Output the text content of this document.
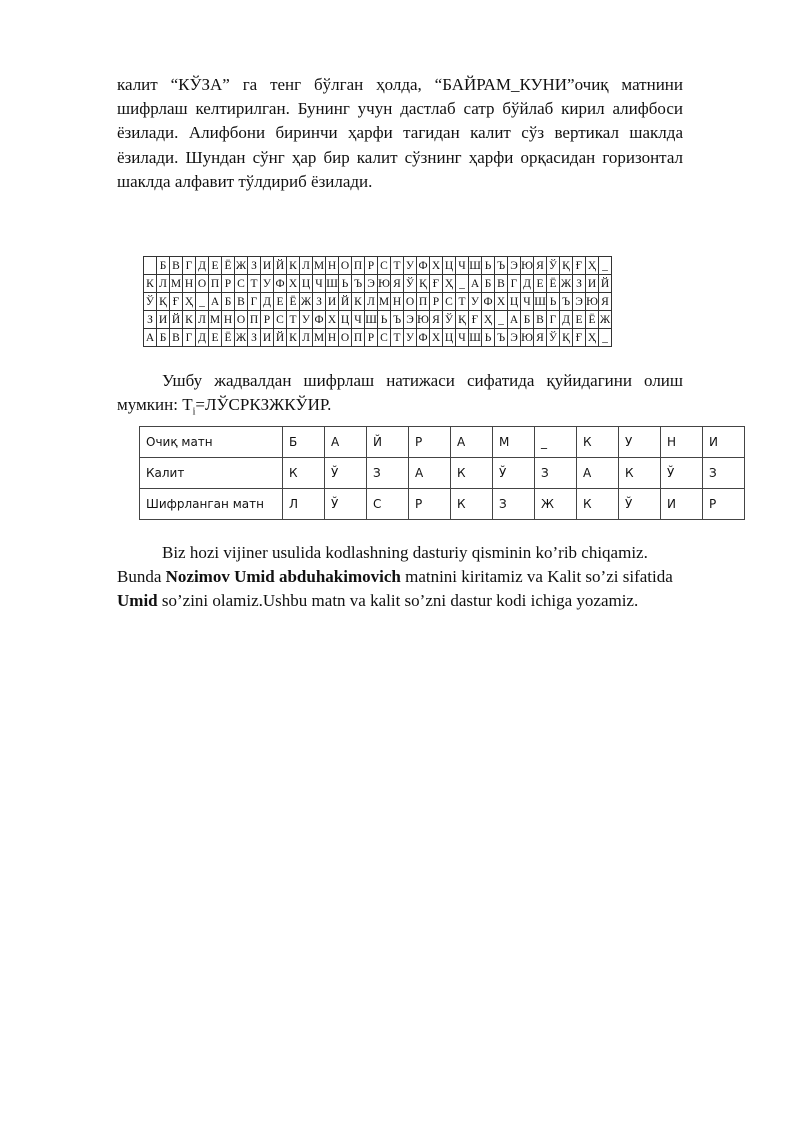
калит “КЎЗА” га тенг бўлган ҳолда, “БАЙРАМ_КУНИ”очиқ матнини
шифрлаш келтирилган. Бунинг учун дастлаб сатр бўйлаб кирил алифбоси
ёзилади. Алифбони биринчи ҳарфи тагидан калит сўз вертикал шаклда
ёзилади. Шундан сўнг ҳар бир калит сўзнинг ҳарфи орқасидан горизонтал
шаклда алфавит тўлдириб ёзилади.
	Б	В	Г	Д	Е	Ё	Ж	З	И	Й	К	Л	М	Н	О	П	Р	С	Т	У	Ф	Х	Ц	Ч	Ш	Ь	Ъ	Э	Ю	Я	Ў	Қ	Ғ	Ҳ	_
К	Л	М	Н	О	П	Р	С	Т	У	Ф	Х	Ц	Ч	Ш	Ь	Ъ	Э	Ю	Я	Ў	Қ	Ғ	Ҳ	_	А	Б	В	Г	Д	Е	Ё	Ж	З	И	Й
Ў	Қ	Ғ	Ҳ	_	А	Б	В	Г	Д	Е	Ё	Ж	З	И	Й	К	Л	М	Н	О	П	Р	С	Т	У	Ф	Х	Ц	Ч	Ш	Ь	Ъ	Э	Ю	Я
З	И	Й	К	Л	М	Н	О	П	Р	С	Т	У	Ф	Х	Ц	Ч	Ш	Ь	Ъ	Э	Ю	Я	Ў	Қ	Ғ	Ҳ	_	А	Б	В	Г	Д	Е	Ё	Ж
А	Б	В	Г	Д	Е	Ё	Ж	З	И	Й	К	Л	М	Н	О	П	Р	С	Т	У	Ф	Х	Ц	Ч	Ш	Ь	Ъ	Э	Ю	Я	Ў	Қ	Ғ	Ҳ	_
Ушбу жадвалдан шифрлаш натижаси сифатида қуйидагини олиш
мумкин: $Т_i=ЛЎСРКЗЖКЎИР$.
Очиқ матн	Б	А	Й	Р	А	М	_	К	У	Н	И
Калит	К	Ў	З	А	К	Ў	З	А	К	Ў	З
Шифрланган матн	Л	Ў	С	Р	К	З	Ж	К	Ў	И	Р
Biz hozi vijiner usulida kodlashning dasturiy qisminin ko’rib chiqamiz.
Bunda Nozimov Umid abduhakimovich matnini kiritamiz va Kalit so’zi sifatida
Umid so’zini olamiz.Ushbu matn va kalit so’zni dastur kodi ichiga yozamiz.
